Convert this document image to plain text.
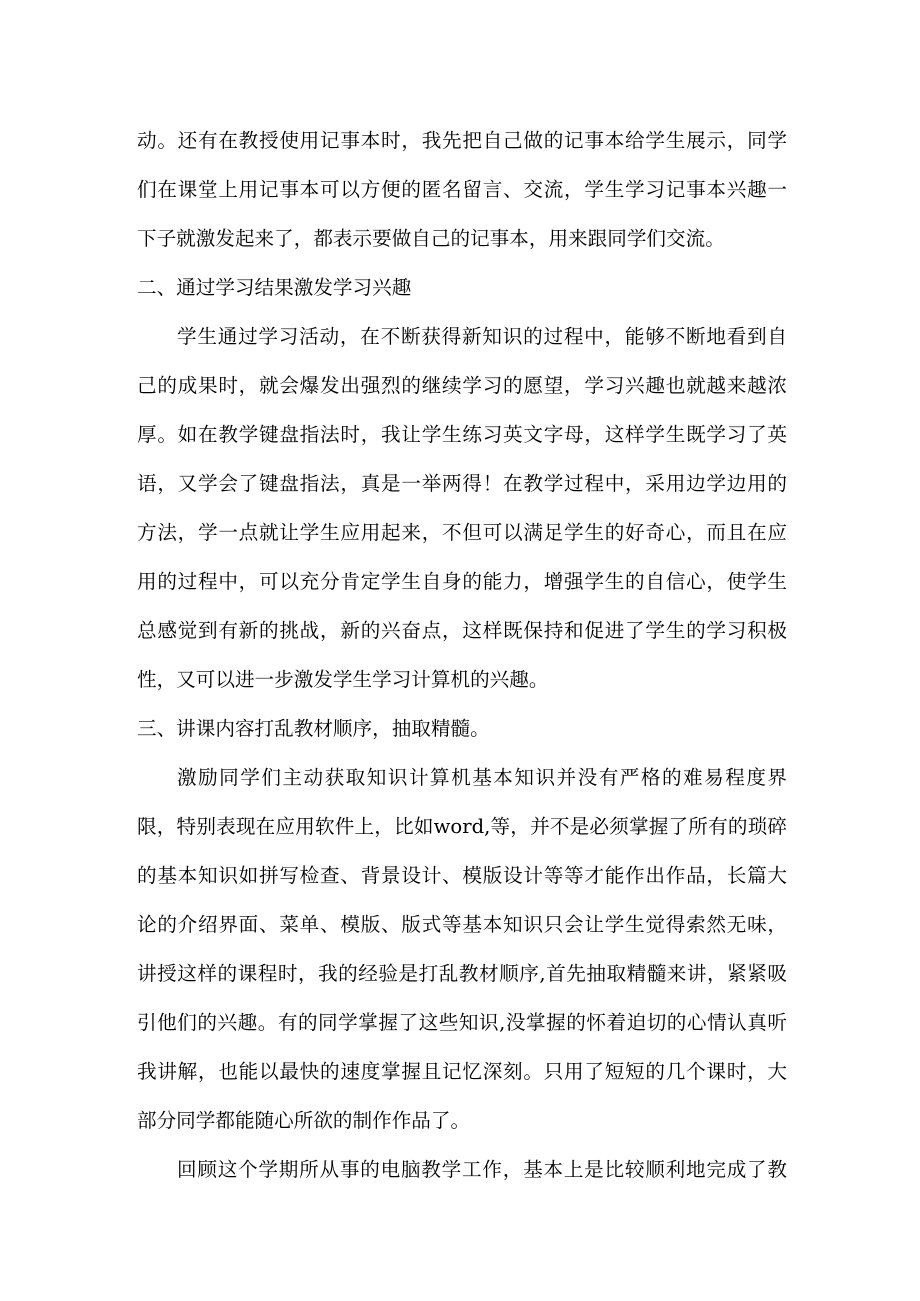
动。还有在教授使用记事本时，我先把自己做的记事本给学生展示，同学
们在课堂上用记事本可以方便的匿名留言、交流，学生学习记事本兴趣一
下子就激发起来了，都表示要做自己的记事本，用来跟同学们交流。
二、通过学习结果激发学习兴趣
学生通过学习活动，在不断获得新知识的过程中，能够不断地看到自
己的成果时，就会爆发出强烈的继续学习的愿望，学习兴趣也就越来越浓
厚。如在教学键盘指法时，我让学生练习英文字母，这样学生既学习了英
语，又学会了键盘指法，真是一举两得！在教学过程中，采用边学边用的
方法，学一点就让学生应用起来，不但可以满足学生的好奇心，而且在应
用的过程中，可以充分肯定学生自身的能力，增强学生的自信心，使学生
总感觉到有新的挑战，新的兴奋点，这样既保持和促进了学生的学习积极
性，又可以进一步激发学生学习计算机的兴趣。
三、讲课内容打乱教材顺序，抽取精髓。
激励同学们主动获取知识计算机基本知识并没有严格的难易程度界
限，特别表现在应用软件上，比如word,等，并不是必须掌握了所有的琐碎
的基本知识如拼写检查、背景设计、模版设计等等才能作出作品，长篇大
论的介绍界面、菜单、模版、版式等基本知识只会让学生觉得索然无味，
讲授这样的课程时，我的经验是打乱教材顺序,首先抽取精髓来讲，紧紧吸
引他们的兴趣。有的同学掌握了这些知识,没掌握的怀着迫切的心情认真听
我讲解，也能以最快的速度掌握且记忆深刻。只用了短短的几个课时，大
部分同学都能随心所欲的制作作品了。
回顾这个学期所从事的电脑教学工作，基本上是比较顺利地完成了教
